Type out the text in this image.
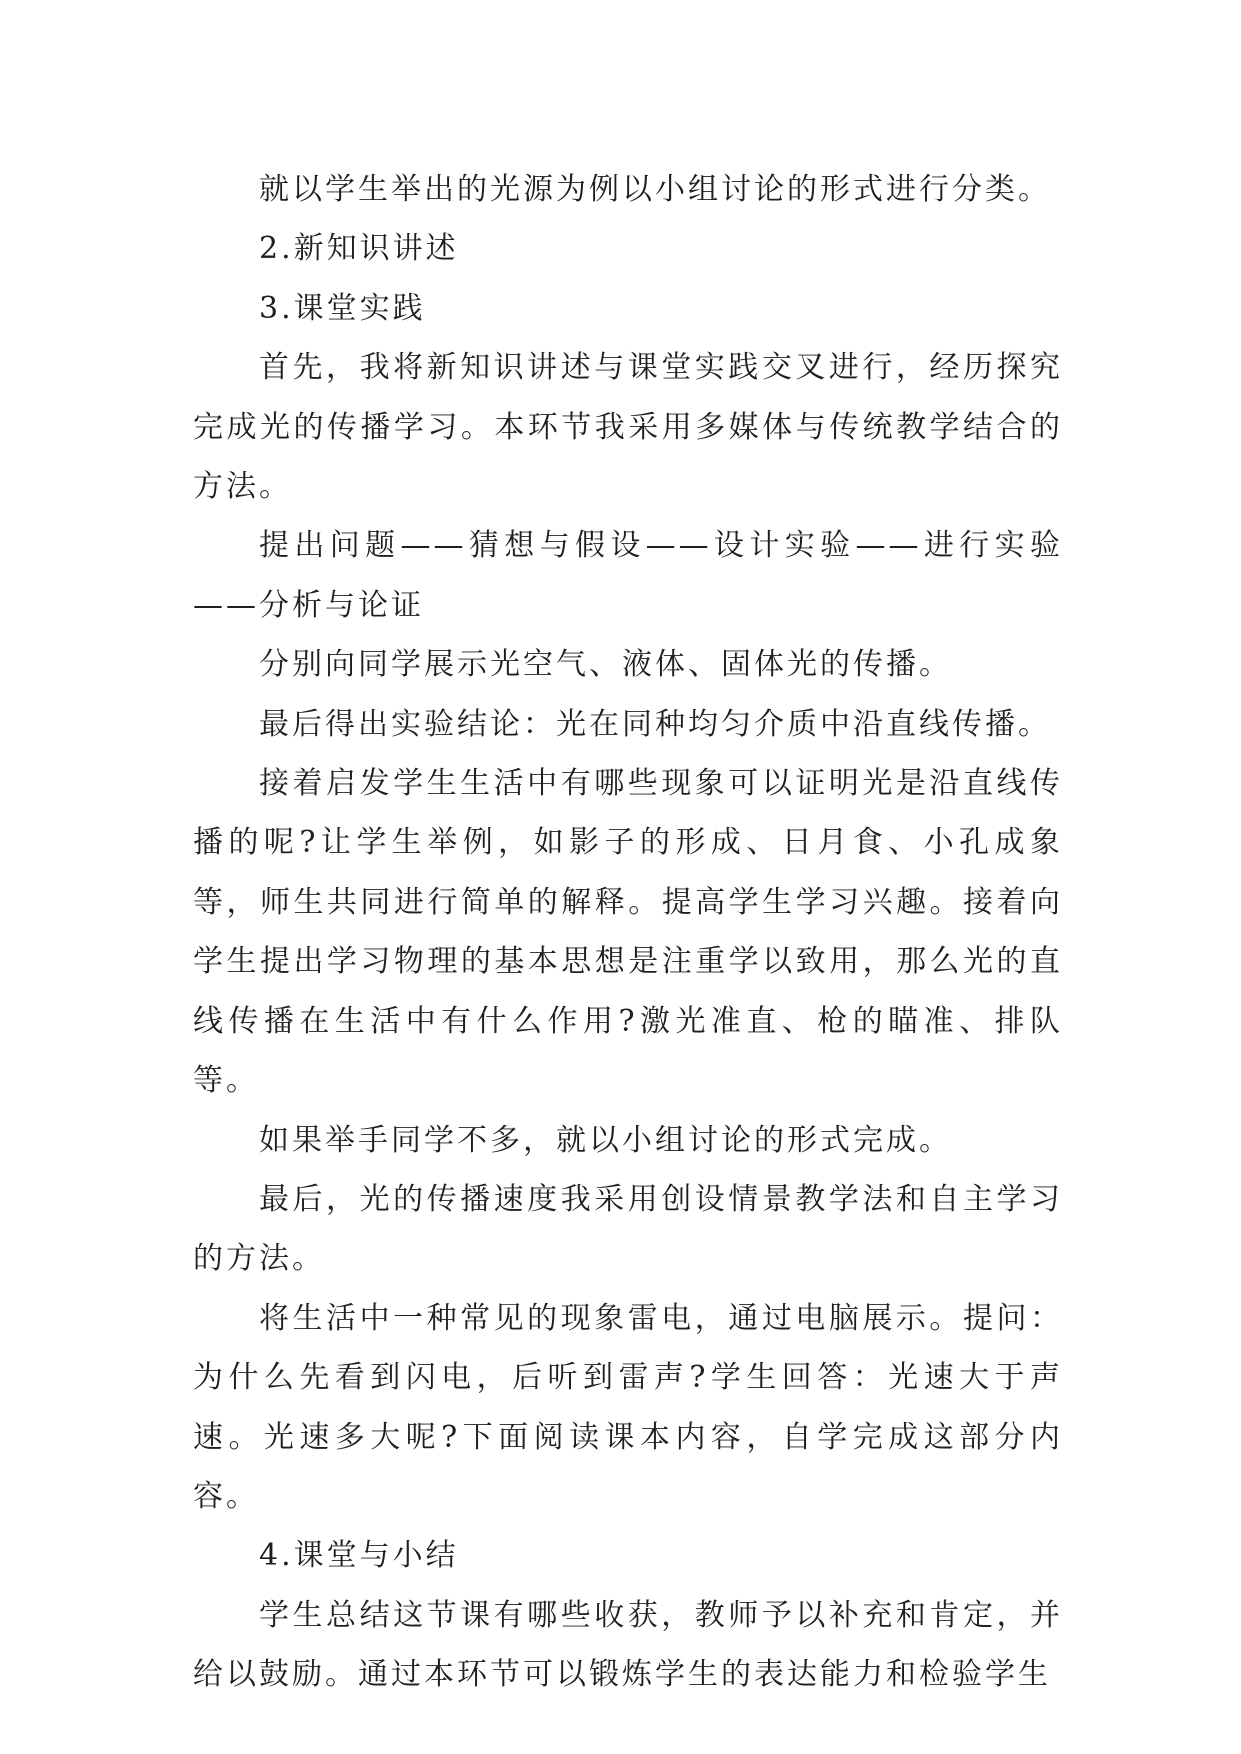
就以学生举出的光源为例以小组讨论的形式进行分类。

2.新知识讲述

3.课堂实践

首先，我将新知识讲述与课堂实践交叉进行，经历探究完成光的传播学习。本环节我采用多媒体与传统教学结合的方法。

提出问题——猜想与假设——设计实验——进行实验——分析与论证

分别向同学展示光空气、液体、固体光的传播。

最后得出实验结论：光在同种均匀介质中沿直线传播。

接着启发学生生活中有哪些现象可以证明光是沿直线传播的呢?让学生举例，如影子的形成、日月食、小孔成象等，师生共同进行简单的解释。提高学生学习兴趣。接着向学生提出学习物理的基本思想是注重学以致用，那么光的直线传播在生活中有什么作用?激光准直、枪的瞄准、排队等。

如果举手同学不多，就以小组讨论的形式完成。

最后，光的传播速度我采用创设情景教学法和自主学习的方法。

将生活中一种常见的现象雷电，通过电脑展示。提问：为什么先看到闪电，后听到雷声?学生回答：光速大于声速。光速多大呢?下面阅读课本内容，自学完成这部分内容。

4.课堂与小结

学生总结这节课有哪些收获，教师予以补充和肯定，并给以鼓励。通过本环节可以锻炼学生的表达能力和检验学生
